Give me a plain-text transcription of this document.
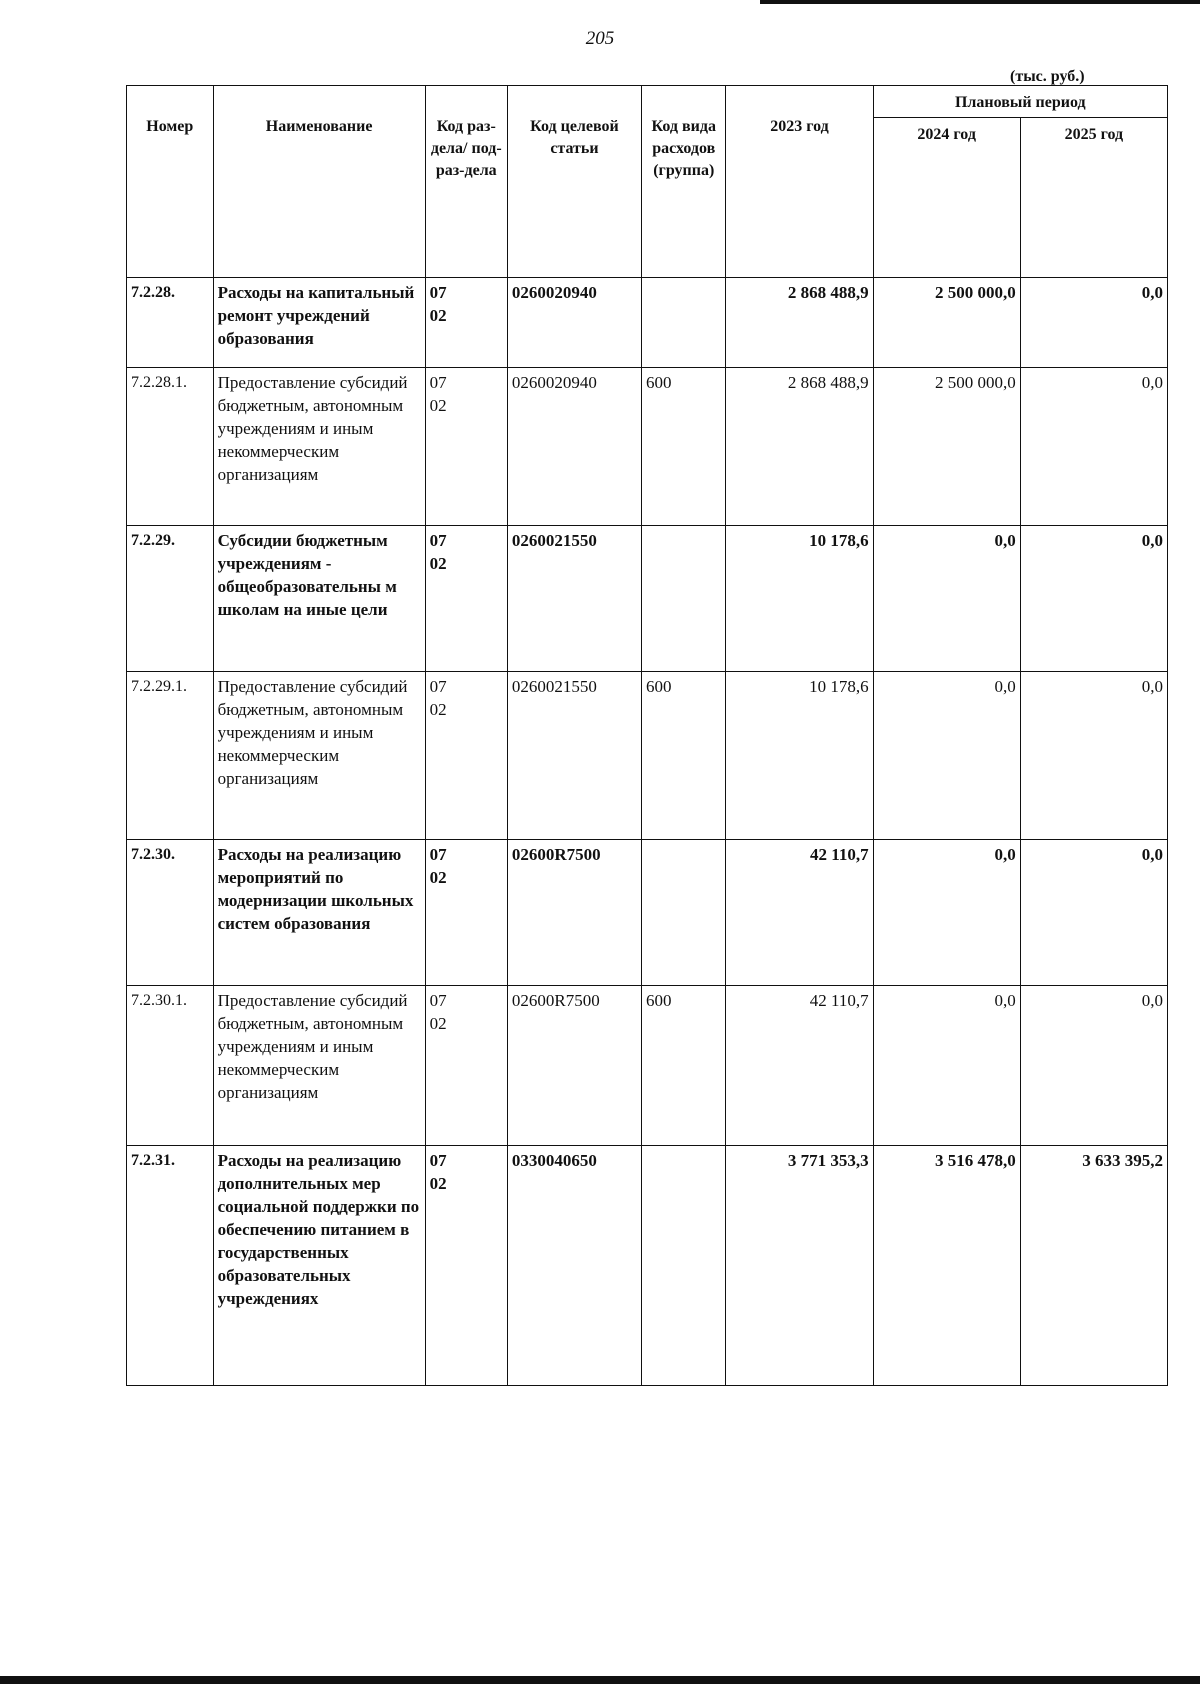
205
(тыс. руб.)
Номер	Наименование	Код раз-дела/ под-раз-дела	Код целевой статьи	Код вида расходов (группа)	2023 год	Плановый период	
						2024 год	2025 год
7.2.28.	Расходы на капитальный ремонт учреждений образования	0702	0260020940		2 868 488,9	2 500 000,0	0,0
7.2.28.1.	Предоставление субсидий бюджетным, автономным учреждениям и иным некоммерческим организациям	0702	0260020940	600	2 868 488,9	2 500 000,0	0,0
7.2.29.	Субсидии бюджетным учреждениям - общеобразовательны м школам на иные цели	0702	0260021550		10 178,6	0,0	0,0
7.2.29.1.	Предоставление субсидий бюджетным, автономным учреждениям и иным некоммерческим организациям	0702	0260021550	600	10 178,6	0,0	0,0
7.2.30.	Расходы на реализацию мероприятий по модернизации школьных систем образования	0702	02600R7500		42 110,7	0,0	0,0
7.2.30.1.	Предоставление субсидий бюджетным, автономным учреждениям и иным некоммерческим организациям	0702	02600R7500	600	42 110,7	0,0	0,0
7.2.31.	Расходы на реализацию дополнительных мер социальной поддержки по обеспечению питанием в государственных образовательных учреждениях	0702	0330040650		3 771 353,3	3 516 478,0	3 633 395,2
